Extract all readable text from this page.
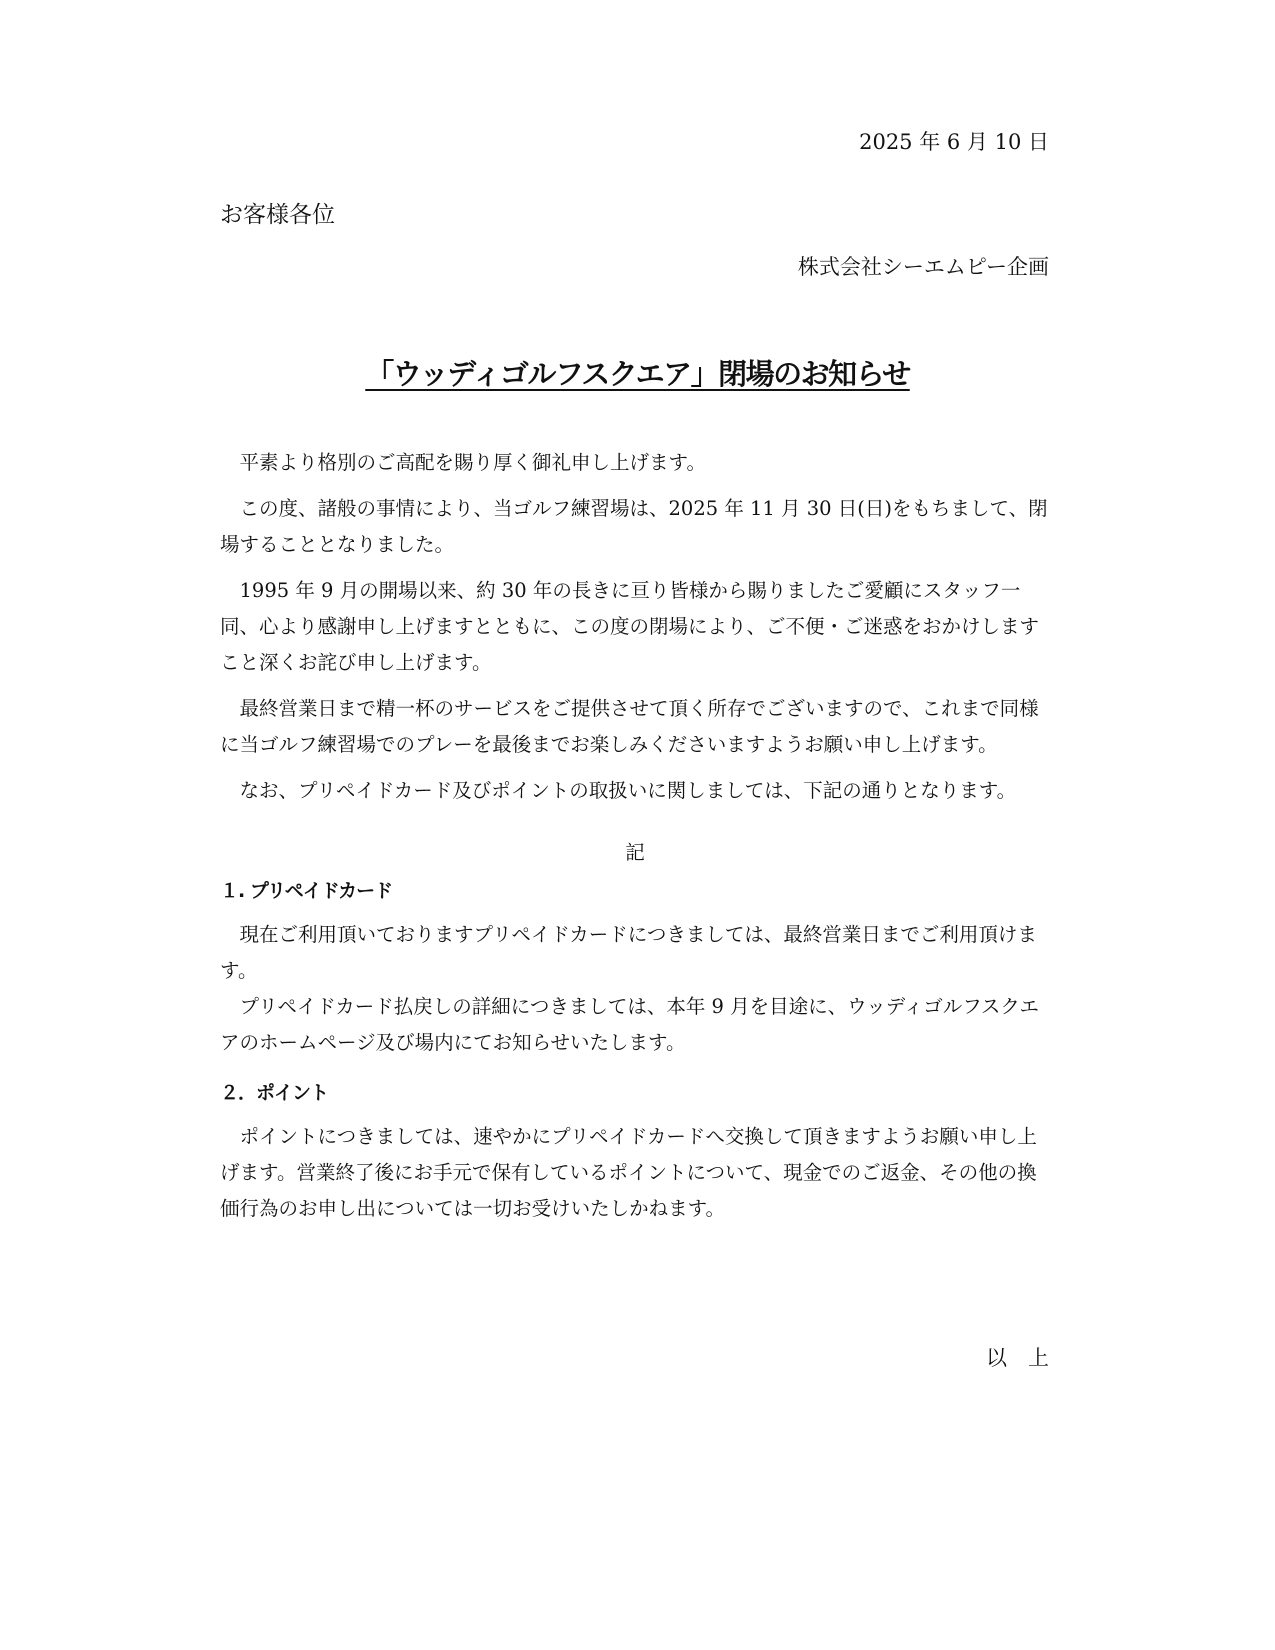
2025 年 6 月 10 日
お客様各位
株式会社シーエムピー企画
「ウッディゴルフスクエア」閉場のお知らせ

平素より格別のご高配を賜り厚く御礼申し上げます。

この度、諸般の事情により、当ゴルフ練習場は、2025 年 11 月 30 日(日)をもちまして、閉場することとなりました。

1995 年 9 月の開場以来、約 30 年の長きに亘り皆様から賜りましたご愛顧にスタッフ一同、心より感謝申し上げますとともに、この度の閉場により、ご不便・ご迷惑をおかけしますこと深くお詫び申し上げます。

最終営業日まで精一杯のサービスをご提供させて頂く所存でございますので、これまで同様に当ゴルフ練習場でのプレーを最後までお楽しみくださいますようお願い申し上げます。

なお、プリペイドカード及びポイントの取扱いに関しましては、下記の通りとなります。

記
１. プリペイドカード

現在ご利用頂いておりますプリペイドカードにつきましては、最終営業日までご利用頂けます。

プリペイドカード払戻しの詳細につきましては、本年 9 月を目途に、ウッディゴルフスクエアのホームページ及び場内にてお知らせいたします。

２．ポイント

ポイントにつきましては、速やかにプリペイドカードへ交換して頂きますようお願い申し上げます。営業終了後にお手元で保有しているポイントについて、現金でのご返金、その他の換価行為のお申し出については一切お受けいたしかねます。

以　上
